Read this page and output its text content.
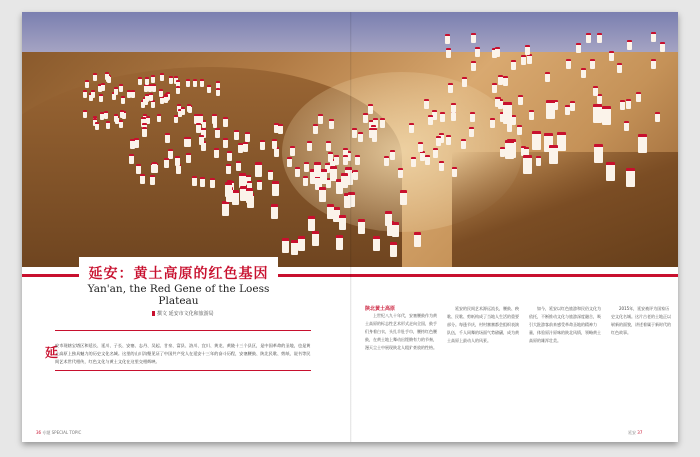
延安：黄土高原的红色基因
Yan'an, the Red Gene of the Loess Plateau
撰文 延安市文化和旅游局
延
安市现辖宝塔区和延长、延川、子长、安塞、志丹、吴起、甘泉、富县、洛川、宜川、黄龙、黄陵十三个县区，是中国革命的圣地，也是黄土高原上独具魅力的历史文化名城。这里的山川沟壑见证了中国共产党人在延安十三年的奋斗历程，安塞腰鼓、陕北民歌、剪纸、说书等民间艺术世代相传，红色文化与黄土文化在这里交相辉映。
陕北黄土高原

上世纪八九十年代，安塞腰鼓作为黄土高原的标志性艺术形式走向全国，鼓手们身着白衣，头扎羊肚手巾，腰挎红色腰鼓，在黄土地上舞动出铿锵有力的节奏，漫天尘土中展现陕北人粗犷豪放的性格。

延安的民间艺术源远流长，腰鼓、秧歌、民歌、剪纸构成了当地人生活的重要部分。每逢节庆，村村寨寨都会组织表演队伍，千人同舞的场面气势磅礴，成为黄土高原上最动人的风景。

如今，延安以红色旅游和民俗文化为依托，不断推动文化与旅游深度融合，吸引大批游客前来感受革命圣地的精神力量，体验原汁原味的陕北风情，领略黄土高原的雄浑壮美。

2015年，延安被评为国家历史文化名城。这片古老的土地正以崭新的面貌，讲述着属于新时代的红色故事。

36 专题 SPECIAL TOPIC	延安 37
